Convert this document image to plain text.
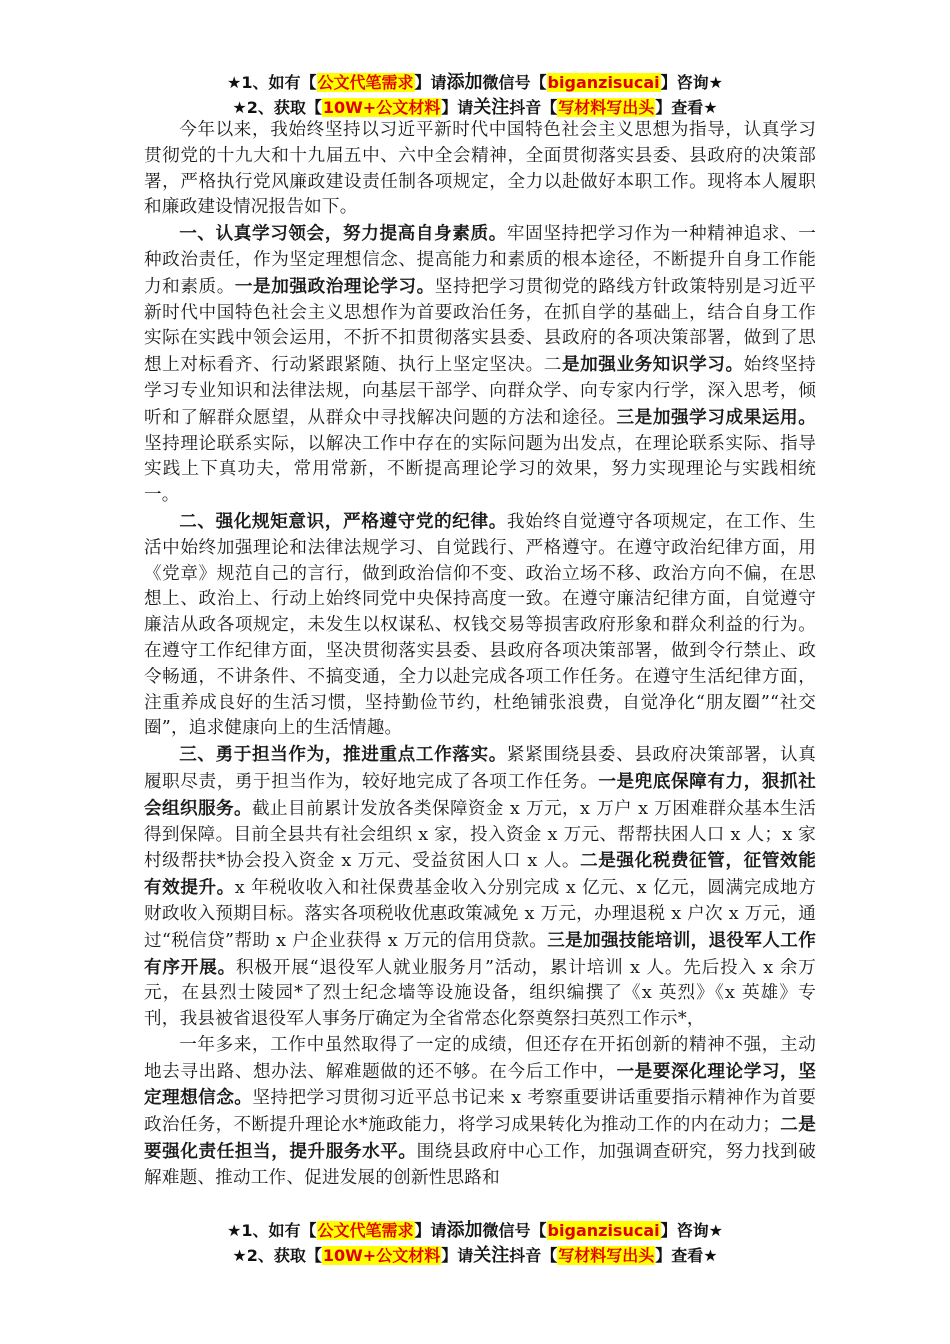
★1、如有【公文代笔需求】请添加微信号【biganzisucai】咨询★
★2、获取【10W+公文材料】请关注抖音【写材料写出头】查看★

今年以来，我始终坚持以习近平新时代中国特色社会主义思想为指导，认真学习贯彻党的十九大和十九届五中、六中全会精神，全面贯彻落实县委、县政府的决策部署，严格执行党风廉政建设责任制各项规定，全力以赴做好本职工作。现将本人履职和廉政建设情况报告如下。

一、认真学习领会，努力提高自身素质。牢固坚持把学习作为一种精神追求、一种政治责任，作为坚定理想信念、提高能力和素质的根本途径，不断提升自身工作能力和素质。一是加强政治理论学习。坚持把学习贯彻党的路线方针政策特别是习近平新时代中国特色社会主义思想作为首要政治任务，在抓自学的基础上，结合自身工作实际在实践中领会运用，不折不扣贯彻落实县委、县政府的各项决策部署，做到了思想上对标看齐、行动紧跟紧随、执行上坚定坚决。二是加强业务知识学习。始终坚持学习专业知识和法律法规，向基层干部学、向群众学、向专家内行学，深入思考，倾听和了解群众愿望，从群众中寻找解决问题的方法和途径。三是加强学习成果运用。坚持理论联系实际，以解决工作中存在的实际问题为出发点，在理论联系实际、指导实践上下真功夫，常用常新，不断提高理论学习的效果，努力实现理论与实践相统一。

二、强化规矩意识，严格遵守党的纪律。我始终自觉遵守各项规定，在工作、生活中始终加强理论和法律法规学习、自觉践行、严格遵守。在遵守政治纪律方面，用《党章》规范自己的言行，做到政治信仰不变、政治立场不移、政治方向不偏，在思想上、政治上、行动上始终同党中央保持高度一致。在遵守廉洁纪律方面，自觉遵守廉洁从政各项规定，未发生以权谋私、权钱交易等损害政府形象和群众利益的行为。在遵守工作纪律方面，坚决贯彻落实县委、县政府各项决策部署，做到令行禁止、政令畅通，不讲条件、不搞变通，全力以赴完成各项工作任务。在遵守生活纪律方面，注重养成良好的生活习惯，坚持勤俭节约，杜绝铺张浪费，自觉净化“朋友圈”“社交圈”，追求健康向上的生活情趣。

三、勇于担当作为，推进重点工作落实。紧紧围绕县委、县政府决策部署，认真履职尽责，勇于担当作为，较好地完成了各项工作任务。一是兜底保障有力，狠抓社会组织服务。截止目前累计发放各类保障资金 x 万元，x 万户 x 万困难群众基本生活得到保障。目前全县共有社会组织 x 家，投入资金 x 万元、帮帮扶困人口 x 人；x 家村级帮扶*协会投入资金 x 万元、受益贫困人口 x 人。二是强化税费征管，征管效能有效提升。x 年税收收入和社保费基金收入分别完成 x 亿元、x 亿元，圆满完成地方财政收入预期目标。落实各项税收优惠政策减免 x 万元，办理退税 x 户次 x 万元，通过“税信贷”帮助 x 户企业获得 x 万元的信用贷款。三是加强技能培训，退役军人工作有序开展。积极开展“退役军人就业服务月”活动，累计培训 x 人。先后投入 x 余万元，在县烈士陵园*了烈士纪念墙等设施设备，组织编撰了《x 英烈》《x 英雄》专刊，我县被省退役军人事务厅确定为全省常态化祭奠祭扫英烈工作示*，

一年多来，工作中虽然取得了一定的成绩，但还存在开拓创新的精神不强，主动地去寻出路、想办法、解难题做的还不够。在今后工作中，一是要深化理论学习，坚定理想信念。坚持把学习贯彻习近平总书记来 x 考察重要讲话重要指示精神作为首要政治任务，不断提升理论水*施政能力，将学习成果转化为推动工作的内在动力；二是要强化责任担当，提升服务水平。围绕县政府中心工作，加强调查研究，努力找到破解难题、推动工作、促进发展的创新性思路和

★1、如有【公文代笔需求】请添加微信号【biganzisucai】咨询★
★2、获取【10W+公文材料】请关注抖音【写材料写出头】查看★
